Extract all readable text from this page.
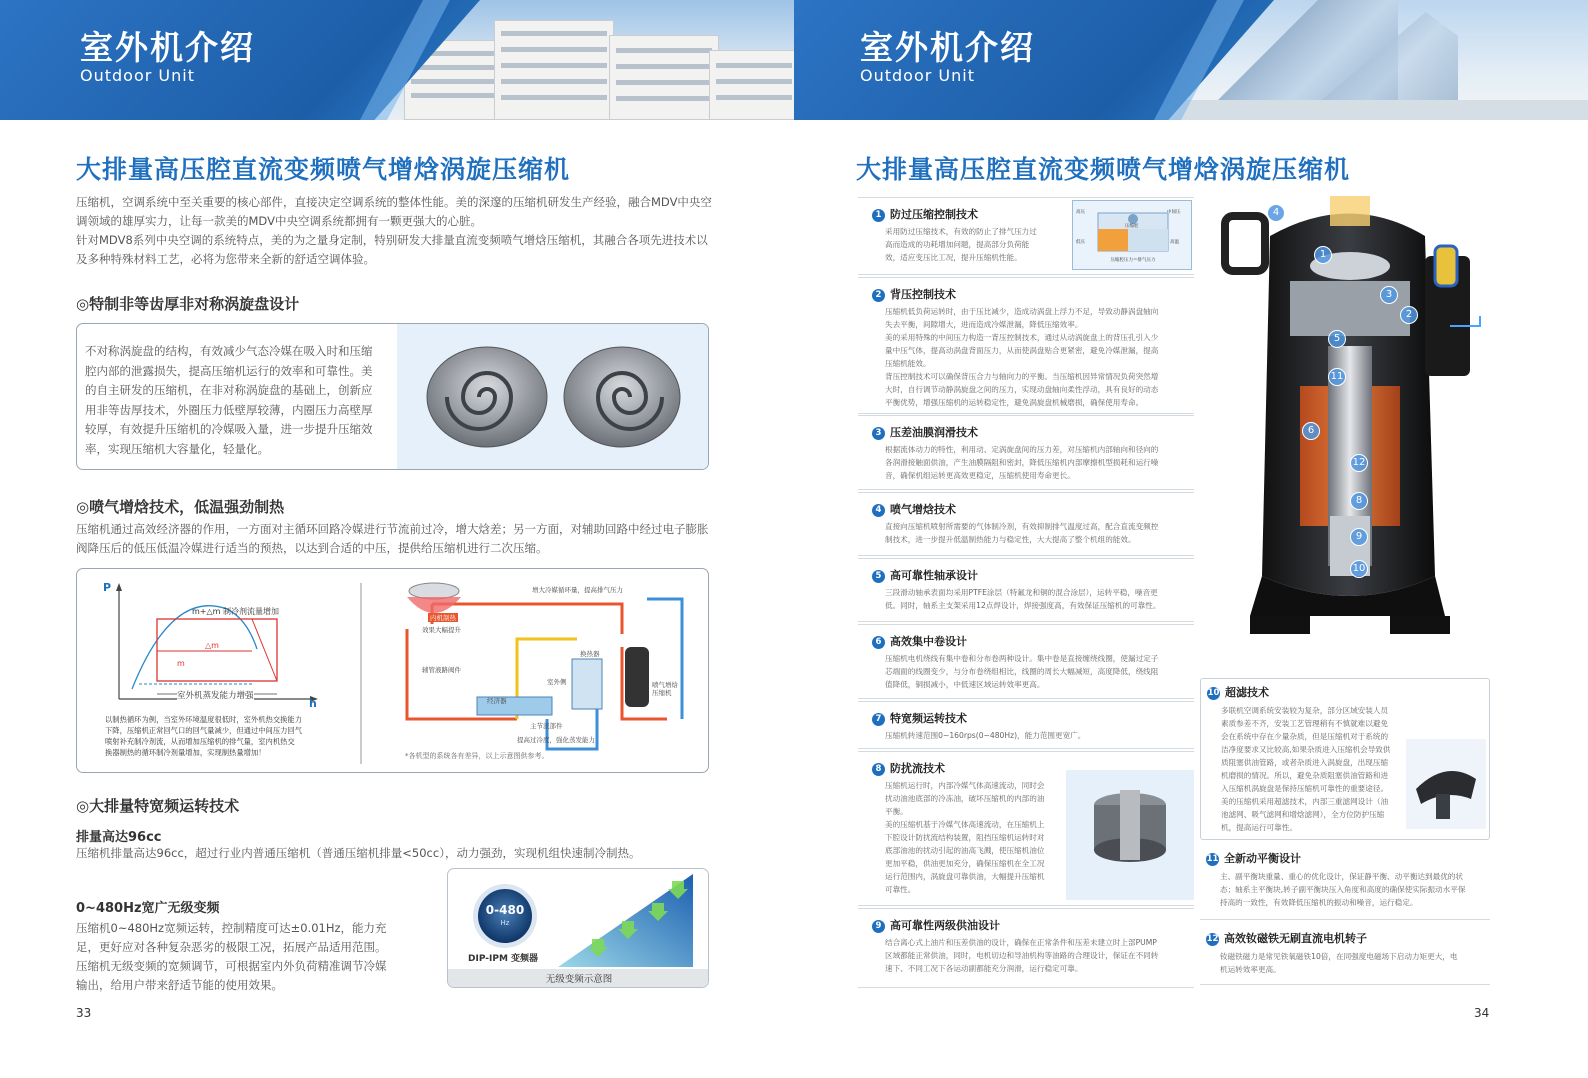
室外机介绍
Outdoor Unit
大排量高压腔直流变频喷气增焓涡旋压缩机
压缩机，空调系统中至关重要的核心部件，直接决定空调系统的整体性能。美的深邃的压缩机研发生产经验，融合MDV中央空
调领域的雄厚实力，让每一款美的MDV中央空调系统都拥有一颗更强大的心脏。
针对MDV8系列中央空调的系统特点，美的为之量身定制，特别研发大排量直流变频喷气增焓压缩机，其融合各项先进技术以
及多种特殊材料工艺，必将为您带来全新的舒适空调体验。
◎特制非等齿厚非对称涡旋盘设计
不对称涡旋盘的结构，有效减少气态冷媒在吸入时和压缩
腔内部的泄露损失，提高压缩机运行的效率和可靠性。美
的自主研发的压缩机，在非对称涡旋盘的基础上，创新应
用非等齿厚技术，外圈压力低壁厚较薄，内圈压力高壁厚
较厚，有效提升压缩机的冷媒吸入量，进一步提升压缩效
率，实现压缩机大容量化，轻量化。
◎喷气增焓技术，低温强劲制热
压缩机通过高效经济器的作用，一方面对主循环回路冷媒进行节流前过冷，增大焓差；另一方面，对辅助回路中经过电子膨胀
阀降压后的低压低温冷媒进行适当的预热，以达到合适的中压，提供给压缩机进行二次压缩。
P
h
m+△m 制冷剂流量增加
△m
m
室外机蒸发能力增强
以制热循环为例，当室外环境温度很低时，室外机热交换能力
下降，压缩机正常回气口的回气量减少，但通过中间压力回气
喷射补充制冷剂流，从而增加压缩机的排气量，室内机热交
换器制热的循环制冷剂量增加，实现制热量增加！
增大冷媒循环量，提高排气压力
内机制热
效果大幅提升
辅管液路阀件
经济器
室外侧
换热器
喷气增焓
压缩机
主节流部件
提高过冷度，强化蒸发能力
*各机型的系统各有差异，以上示意图供参考。
◎大排量特宽频运转技术
排量高达96cc
压缩机排量高达96cc，超过行业内普通压缩机（普通压缩机排量<50cc），动力强劲，实现机组快速制冷制热。
0~480Hz宽广无级变频
压缩机0~480Hz宽频运转，控制精度可达±0.01Hz，能力充
足，更好应对各种复杂恶劣的极限工况，拓展产品适用范围。
压缩机无级变频的宽频调节，可根据室内外负荷精准调节冷媒
输出，给用户带来舒适节能的使用效果。
0-480
Hz
DIP-IPM 变频器
无级变频示意图
33
室外机介绍
Outdoor Unit
大排量高压腔直流变频喷气增焓涡旋压缩机
34
1 防过压缩控制技术
采用防过压缩技术，有效的防止了排气压力过
高而造成的功耗增加问题，提高部分负荷能
效，适应变压比工况，提升压缩机性能。
高压	中间压
低压
压缩腔
高温
压缩腔压力＝排气压力
2 背压控制技术
压缩机低负荷运转时，由于压比减少，造成动涡盘上浮力不足，导致动静涡盘轴向
失去平衡，间隙增大，进而造成冷媒泄漏，降低压缩效率。
美的采用特殊的中间压力构造一背压控制技术，通过从动涡旋盘上的背压孔引入少
量中压气体，提高动涡盘背面压力，从而使涡盘贴合更紧密，避免冷媒泄漏，提高
压缩机能效。
背压控制技术可以确保背压合力与轴向力的平衡。当压缩机因异常情况负荷突然增
大时，自行调节动静涡旋盘之间的压力，实现动盘轴向柔性浮动，具有良好的动态
平衡优势，增强压缩机的运转稳定性，避免涡旋盘机械磨损，确保使用寿命。
3 压差油膜润滑技术
根据流体动力的特性，利用动、定涡旋盘间的压力差，对压缩机内部轴向和径向的
各润滑接触面供油，产生油膜隔阻和密封，降低压缩机内部摩擦机型损耗和运行噪
音，确保机组运转更高效更稳定，压缩机使用寿命更长。
4 喷气增焓技术
直接向压缩机喷射所需要的气体制冷剂，有效抑制排气温度过高，配合直流变频控
制技术，进一步提升低温制热能力与稳定性，大大提高了整个机组的能效。
5 高可靠性轴承设计
三段滑动轴承表面均采用PTFE涂层（特氟龙和铜的混合涂层），运转平稳，噪音更
低。同时，轴系主支架采用12点焊设计，焊接强度高，有效保证压缩机的可靠性。
6 高效集中卷设计
压缩机电机绕线有集中卷和分布卷两种设计。集中卷是直接缠绕线圈，使漏过定子
芯端面的线圈变少，与分布卷绕组相比，线圈的周长大幅减短，高度降低，绕线阻
值降低，铜损减小，中低速区域运转效率更高。
7 特宽频运转技术
压缩机转速范围0~160rps(0~480Hz)，能力范围更宽广。
8 防扰流技术
压缩机运行时，内部冷媒气体高速流动，同时会
扰动油池底部的冷冻油，破坏压缩机的内部的油
平衡。
美的压缩机基于冷媒气体高速流动，在压缩机上
下腔设计防扰流结构装置，阻挡压缩机运转时对
底部油池的扰动引起的油高飞溅，使压缩机油位
更加平稳，供油更加充分，确保压缩机在全工况
运行范围内，涡旋盘可靠供油，大幅提升压缩机
可靠性。
9 高可靠性两级供油设计
结合离心式上油片和压差供油的设计，确保在正常条件和压差未建立时上部PUMP
区域都能正常供油，同时，电机切边和导油机构等油路的合理设计，保证在不同转
速下、不同工况下各运动副都能充分润滑，运行稳定可靠。
4
1
3
2
5
11
6
12
8
9
10
10 超滤技术
多联机空调系统安装较为复杂，部分区域安装人员
素质参差不齐，安装工艺管理稍有不慎就难以避免
会在系统中存在少量杂质，但是压缩机对于系统的
洁净度要求又比较高,如果杂质进入压缩机会导致供
质阻塞供油管路，或者杂质进入涡旋盘，出现压缩
机磨损的情况。所以，避免杂质阻塞供油管路和进
入压缩机涡旋盘是保持压缩机可靠性的重要途径。
美的压缩机采用超滤技术，内部三重滤网设计（油
池滤网、吸气滤网和增焓滤网），全方位防护压缩
机，提高运行可靠性。
11 全新动平衡设计
主、副平衡块重量、重心的优化设计，保证静平衡、动平衡达到最优的状
态；轴系主平衡块,转子副平衡块压入角度和高度的确保使实际振动水平保
持高的一致性，有效降低压缩机的振动和噪音，运行稳定。
12 高效钕磁铁无刷直流电机转子
钕磁铁磁力是常见铁氧磁铁10倍，在同强度电磁场下启动力矩更大，电
机运转效率更高。
